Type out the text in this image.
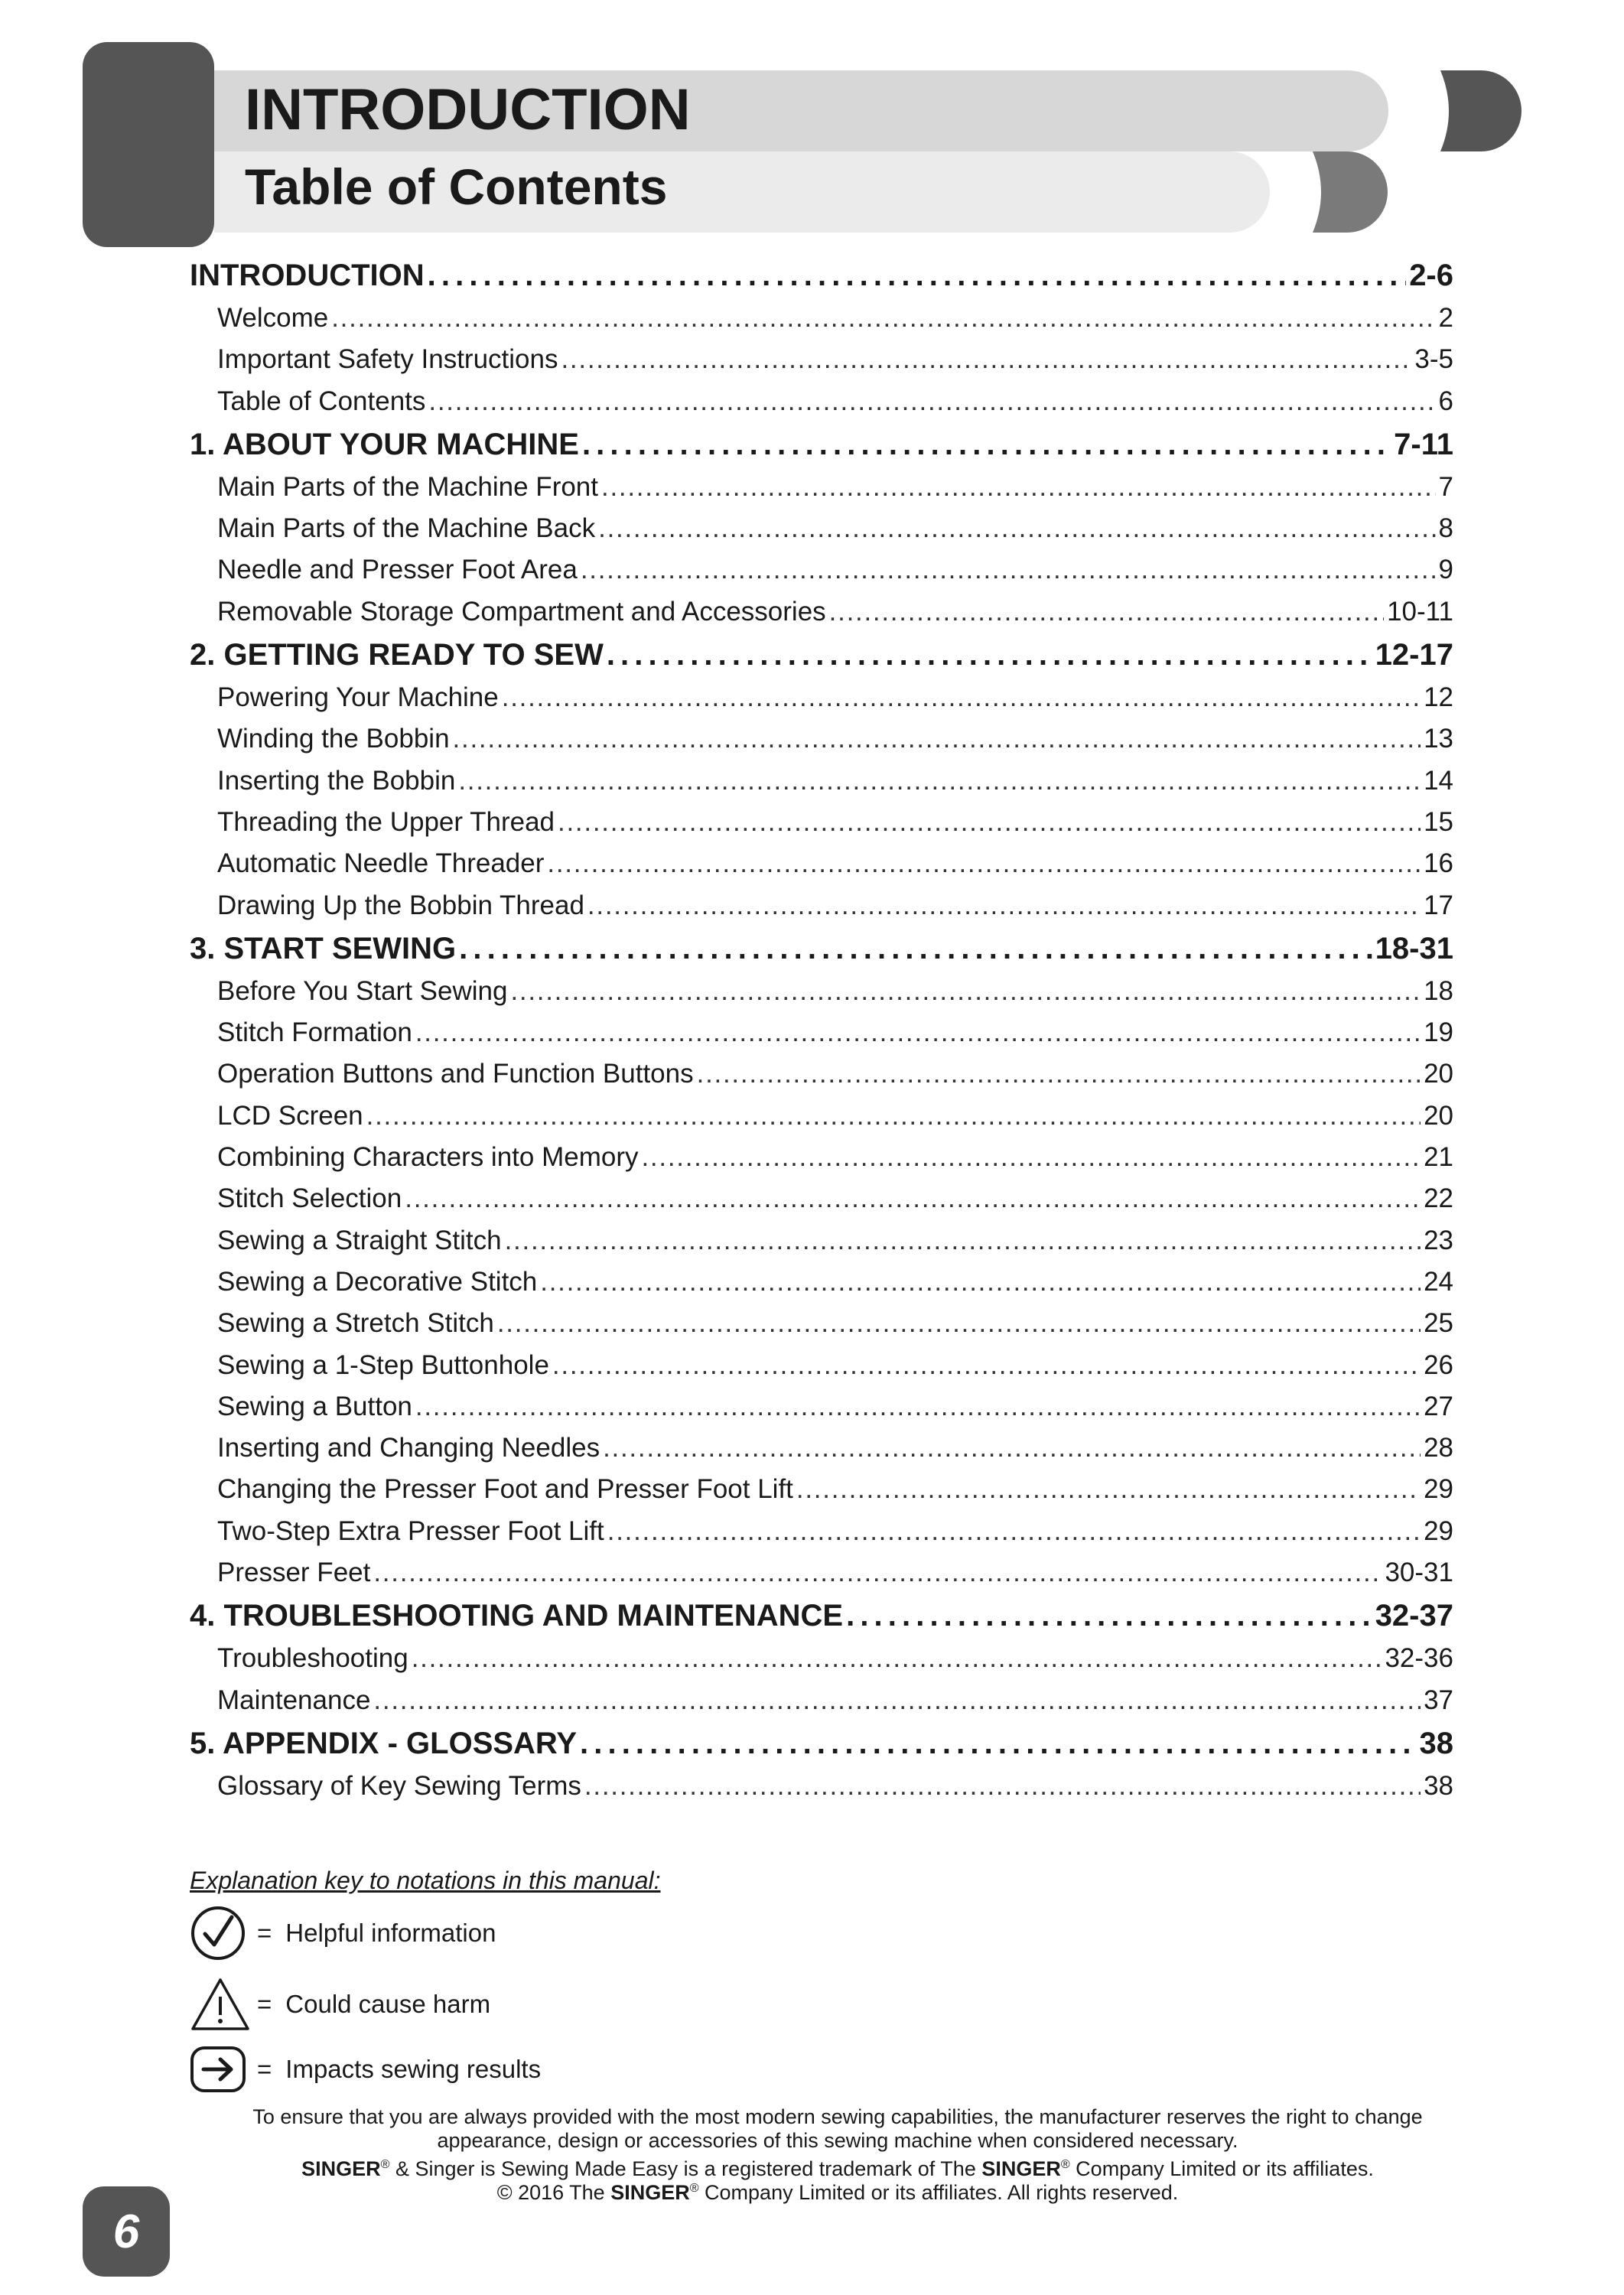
INTRODUCTION
Table of Contents
INTRODUCTION . . .	2-6
Welcome . . .	2
Important Safety Instructions . . .	3-5
Table of Contents . . .	6
1. ABOUT YOUR MACHINE . . .	7-11
Main Parts of the Machine Front . . .	7
Main Parts of the Machine Back . . .	8
Needle and Presser Foot Area . . .	9
Removable Storage Compartment and Accessories . . .	10-11
2. GETTING READY TO SEW . . .	12-17
Powering Your Machine . . .	12
Winding the Bobbin . . .	13
Inserting the Bobbin . . .	14
Threading the Upper Thread . . .	15
Automatic Needle Threader . . .	16
Drawing Up the Bobbin Thread . . .	17
3. START SEWING . . .	18-31
Before You Start Sewing . . .	18
Stitch Formation . . .	19
Operation Buttons and Function Buttons . . .	20
LCD Screen . . .	20
Combining Characters into Memory . . .	21
Stitch Selection . . .	22
Sewing a Straight Stitch . . .	23
Sewing a Decorative Stitch . . .	24
Sewing a Stretch Stitch . . .	25
Sewing a 1-Step Buttonhole . . .	26
Sewing a Button . . .	27
Inserting and Changing Needles . . .	28
Changing the Presser Foot and Presser Foot Lift . . .	29
Two-Step Extra Presser Foot Lift . . .	29
Presser Feet . . .	30-31
4. TROUBLESHOOTING AND MAINTENANCE . . .	32-37
Troubleshooting . . .	32-36
Maintenance . . .	37
5. APPENDIX - GLOSSARY . . .	38
Glossary of Key Sewing Terms . . .	38
Explanation key to notations in this manual:
= Helpful information
= Could cause harm
= Impacts sewing results
To ensure that you are always provided with the most modern sewing capabilities, the manufacturer reserves the right to change
appearance, design or accessories of this sewing machine when considered necessary.
SINGER® & Singer is Sewing Made Easy is a registered trademark of The SINGER® Company Limited or its affiliates.
© 2016 The SINGER® Company Limited or its affiliates. All rights reserved.
6
